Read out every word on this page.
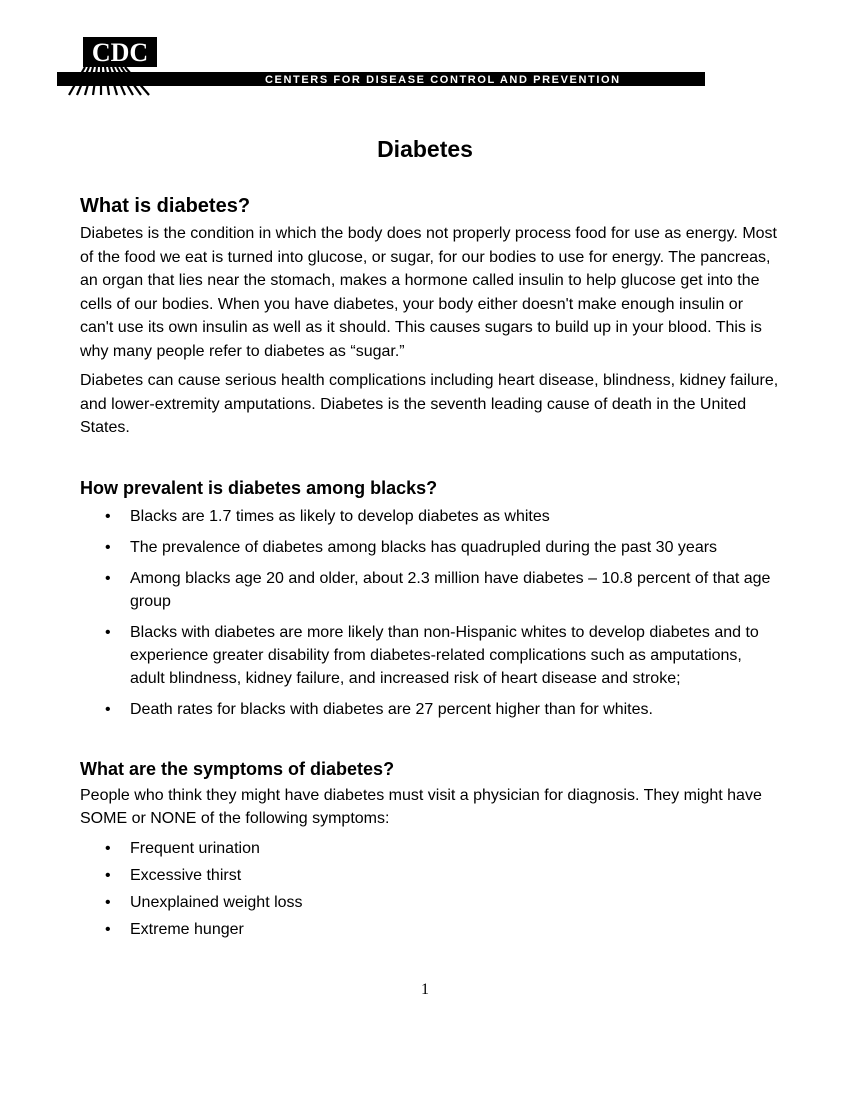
CDC
CENTERS FOR DISEASE CONTROL AND PREVENTION
Diabetes
What is diabetes?

Diabetes is the condition in which the body does not properly process food for use as energy. Most of the food we eat is turned into glucose, or sugar, for our bodies to use for energy. The pancreas, an organ that lies near the stomach, makes a hormone called insulin to help glucose get into the cells of our bodies. When you have diabetes, your body either doesn't make enough insulin or can't use its own insulin as well as it should. This causes sugars to build up in your blood. This is why many people refer to diabetes as “sugar.”

Diabetes can cause serious health complications including heart disease, blindness, kidney failure, and lower-extremity amputations. Diabetes is the seventh leading cause of death in the United States.

How prevalent is diabetes among blacks?
• Blacks are 1.7 times as likely to develop diabetes as whites
• The prevalence of diabetes among blacks has quadrupled during the past 30 years
• Among blacks age 20 and older, about 2.3 million have diabetes – 10.8 percent of that age group
• Blacks with diabetes are more likely than non-Hispanic whites to develop diabetes and to experience greater disability from diabetes-related complications such as amputations, adult blindness, kidney failure, and increased risk of heart disease and stroke;
• Death rates for blacks with diabetes are 27 percent higher than for whites.
What are the symptoms of diabetes?

People who think they might have diabetes must visit a physician for diagnosis. They might have SOME or NONE of the following symptoms:

• Frequent urination
• Excessive thirst
• Unexplained weight loss
• Extreme hunger
1
